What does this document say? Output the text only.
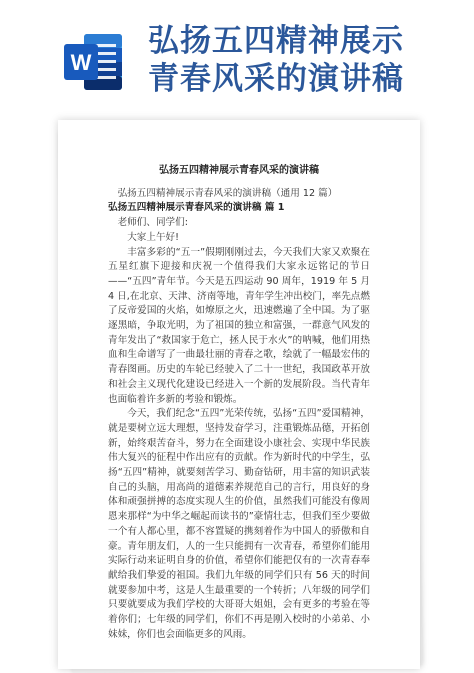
W
弘扬五四精神展示
青春风采的演讲稿
弘扬五四精神展示青春风采的演讲稿

弘扬五四精神展示青春风采的演讲稿（通用 12 篇）

弘扬五四精神展示青春风采的演讲稿 篇 1

老师们、同学们:

大家上午好!

丰富多彩的“五一”假期刚刚过去，今天我们大家又欢聚在五星红旗下迎接和庆祝一个值得我们大家永远铭记的节日——“五四”青年节。今天是五四运动 90 周年，1919 年 5 月 4 日,在北京、天津、济南等地，青年学生冲出校门，率先点燃了反帝爱国的火焰，如燎原之火，迅速燃遍了全中国。为了驱逐黑暗，争取光明，为了祖国的独立和富强，一群意气风发的青年发出了“救国家于危亡，拯人民于水火”的呐喊，他们用热血和生命谱写了一曲最壮丽的青春之歌，绘就了一幅最宏伟的青春图画。历史的车轮已经驶入了二十一世纪，我国政革开放和社会主义现代化建设已经进入一个新的发展阶段。当代青年也面临着许多新的考验和锻炼。

今天，我们纪念“五四”光荣传统，弘扬“五四”爱国精神，就是要树立远大理想，坚持发奋学习，注重锻炼品德，开拓创新，始终艰苦奋斗，努力在全面建设小康社会、实现中华民族伟大复兴的征程中作出应有的贡献。作为新时代的中学生，弘扬“五四”精神，就要刻苦学习、勤奋钻研，用丰富的知识武装自己的头脑，用高尚的道德素养规范自己的言行，用良好的身体和顽强拼搏的态度实现人生的价值，虽然我们可能没有像周恩来那样“为中华之崛起而读书的”豪情壮志，但我们至少要做一个有人都心里，都不容置疑的携刻着作为中国人的骄傲和自豪。青年朋友们，人的一生只能拥有一次青春，希望你们能用实际行动来证明自身的价值，希望你们能把仅有的一次青春奉献给我们挚爱的祖国。我们九年级的同学们只有 56 天的时间就要参加中考，这是人生最重要的一个转折；八年级的同学们只要就要成为我们学校的大哥哥大姐姐，会有更多的考验在等着你们；七年级的同学们，你们不再是刚入校时的小弟弟、小妹妹，你们也会面临更多的风雨。
